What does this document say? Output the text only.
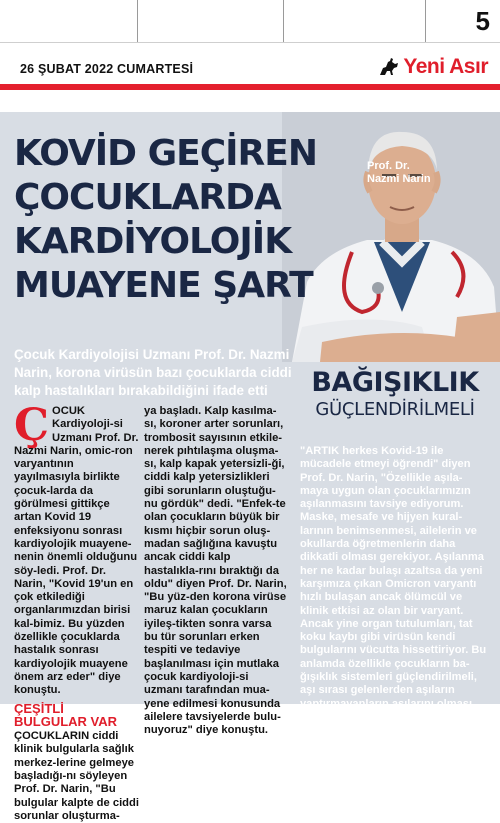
5
26 ŞUBAT 2022 CUMARTESİ	Yeni Asır
KOVİD GEÇİREN
ÇOCUKLARDA
KARDİYOLOJİK
MUAYENE ŞART
Prof. Dr. Nazmi Narin

Çocuk Kardiyolojisi Uzmanı Prof. Dr. Nazmi Narin, korona virüsün bazı çocuklarda ciddi kalp hastalıkları bırakabildiğini ifade etti

ÇOCUK Kardiyoloji-si Uzmanı Prof. Dr. Nazmi Narin, omic-ron varyantının yayılmasıyla birlikte çocuk-larda da görülmesi gittikçe artan Kovid 19 enfeksiyonu sonrası kardiyolojik muayene-nenin önemli olduğunu söy-ledi. Prof. Dr. Narin, "Kovid 19'un en çok etkilediği organlarımızdan birisi kal-bimiz. Bu yüzden özellikle çocuklarda hastalık sonrası kardiyolojik muayene önem arz eder" diye konuştu.

ÇEŞİTLİ BULGULAR VAR

ÇOCUKLARIN ciddi klinik bulgularla sağlık merkez-lerine gelmeye başladığı-nı söyleyen Prof. Dr. Narin, "Bu bulgular kalpte de ciddi sorunlar oluşturma-

ya başladı. Kalp kasılma-sı, koroner arter sorunları, trombosit sayısının etkile-nerek pıhtılaşma oluşma-sı, kalp kapak yetersizli-ği, ciddi kalp yetersizlikleri gibi sorunların oluştuğu-nu gördük" dedi. "Enfek-te olan çocukların büyük bir kısmı hiçbir sorun oluş-madan sağlığına kavuştu ancak ciddi kalp hastalıkla-rını bıraktığı da oldu" diyen Prof. Dr. Narin, "Bu yüz-den korona virüse maruz kalan çocukların iyileş-tikten sonra varsa bu tür sorunları erken tespiti ve tedaviye başlanılması için mutlaka çocuk kardiyoloji-si uzmanı tarafından mua-yene edilmesi konusunda ailelere tavsiyelerde bulu-nuyoruz" diye konuştu.

BAĞIŞIKLIK
GÜÇLENDİRİLMELİ

"ARTIK herkes Kovid-19 ile mücadele etmeyi öğrendi" diyen Prof. Dr. Narin, "Özellikle aşıla-maya uygun olan çocuklarımızın aşılanmasını tavsiye ediyorum. Maske, mesafe ve hijyen kural-larının benimsenmesi, ailelerin ve okullarda öğretmenlerin daha dikkatli olması gerekiyor. Aşılanma her ne kadar bulaşı azaltsa da yeni karşımıza çıkan Omicron varyantı hızlı bulaşan ancak ölümcül ve klinik etkisi az olan bir varyant. Ancak yine organ tutulumları, tat koku kaybı gibi virüsün kendi bulgularını vücutta hissettiriyor. Bu anlamda özellikle çocukların ba-ğışıklık sistemleri güçlendirilmeli, aşı sırası gelenlerden aşıların yaptırmayanların aşılarını olması, maske, mesafe ve hijyen kullarına dikkat edilmesi gerekiyor" dedi.
